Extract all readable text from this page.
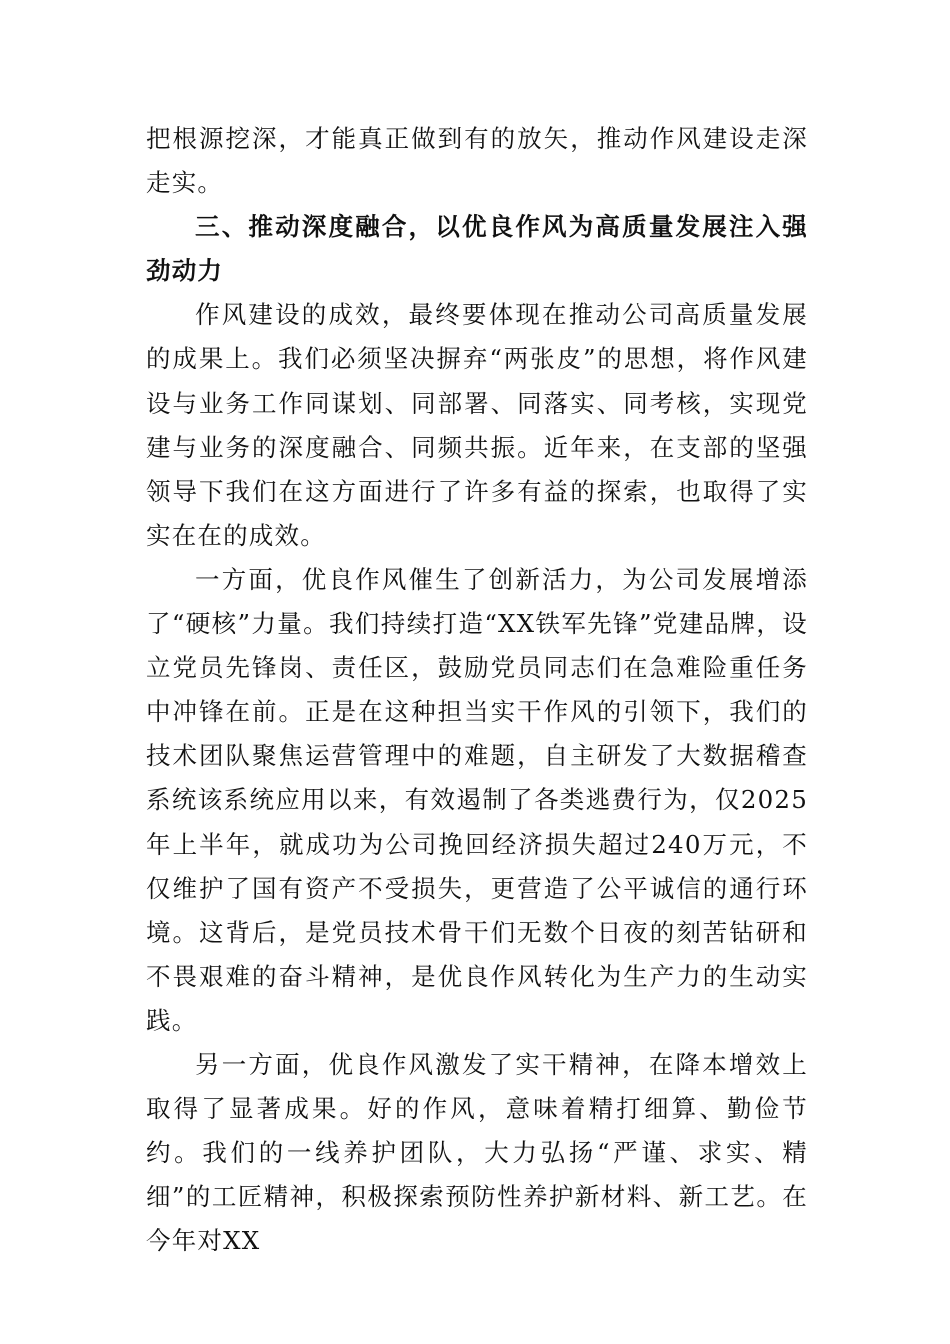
把根源挖深，才能真正做到有的放矢，推动作风建设走深走实。

三、推动深度融合，以优良作风为高质量发展注入强劲动力

作风建设的成效，最终要体现在推动公司高质量发展的成果上。我们必须坚决摒弃“两张皮”的思想，将作风建设与业务工作同谋划、同部署、同落实、同考核，实现党建与业务的深度融合、同频共振。近年来，在支部的坚强领导下我们在这方面进行了许多有益的探索，也取得了实实在在的成效。

一方面，优良作风催生了创新活力，为公司发展增添了“硬核”力量。我们持续打造“XX铁军先锋”党建品牌，设立党员先锋岗、责任区，鼓励党员同志们在急难险重任务中冲锋在前。正是在这种担当实干作风的引领下，我们的技术团队聚焦运营管理中的难题，自主研发了大数据稽查系统该系统应用以来，有效遏制了各类逃费行为，仅2025年上半年，就成功为公司挽回经济损失超过240万元，不仅维护了国有资产不受损失，更营造了公平诚信的通行环境。这背后，是党员技术骨干们无数个日夜的刻苦钻研和不畏艰难的奋斗精神，是优良作风转化为生产力的生动实践。

另一方面，优良作风激发了实干精神，在降本增效上取得了显著成果。好的作风，意味着精打细算、勤俭节约。我们的一线养护团队，大力弘扬“严谨、求实、精细”的工匠精神，积极探索预防性养护新材料、新工艺。在今年对XX
